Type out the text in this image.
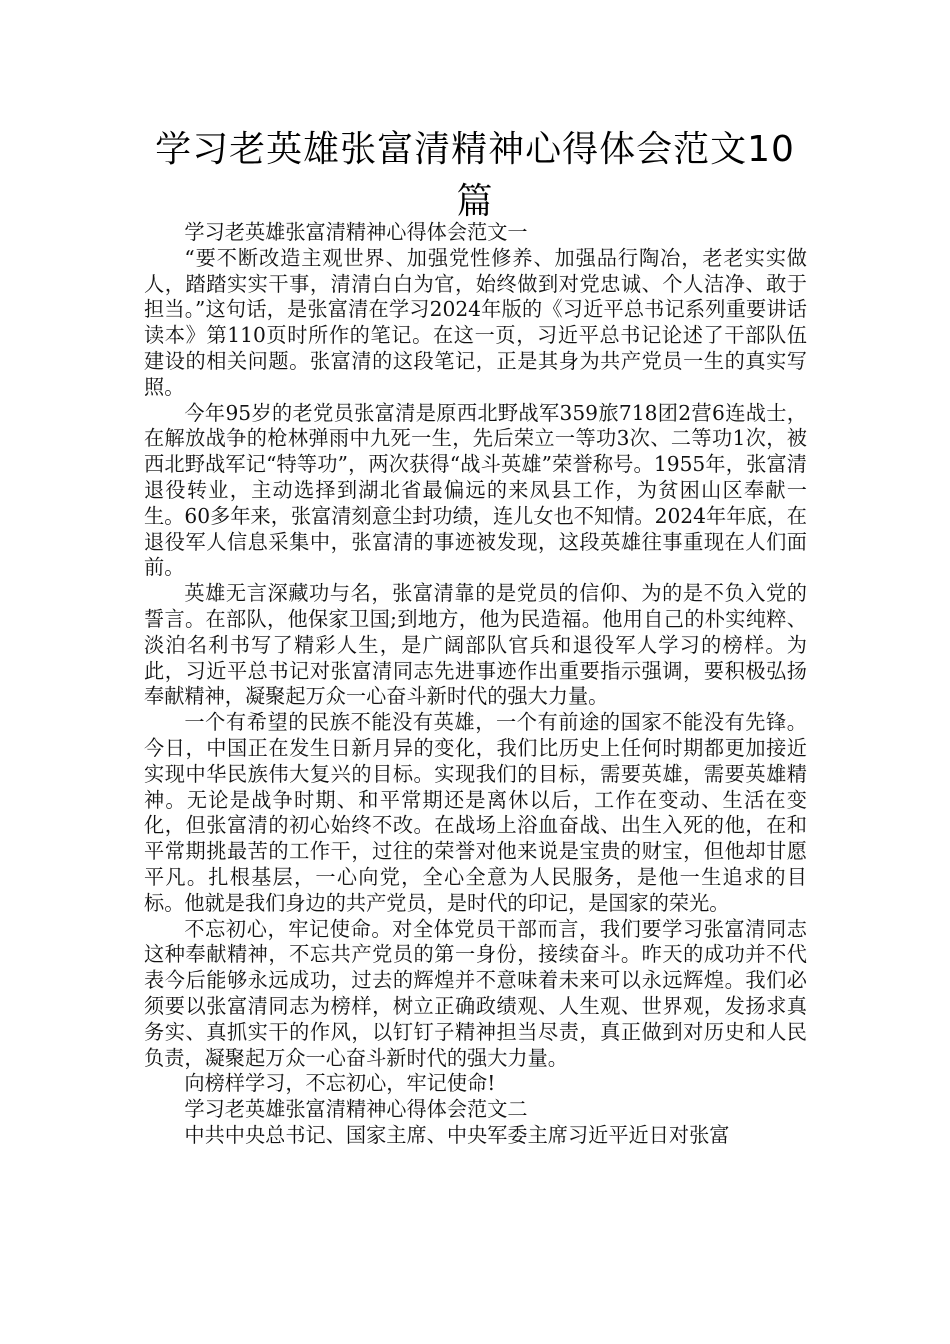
学习老英雄张富清精神心得体会范文10篇

学习老英雄张富清精神心得体会范文一

“要不断改造主观世界、加强党性修养、加强品行陶冶，老老实实做人，踏踏实实干事，清清白白为官，始终做到对党忠诚、个人洁净、敢于担当。”这句话，是张富清在学习2024年版的《习近平总书记系列重要讲话读本》第110页时所作的笔记。在这一页，习近平总书记论述了干部队伍建设的相关问题。张富清的这段笔记，正是其身为共产党员一生的真实写照。

今年95岁的老党员张富清是原西北野战军359旅718团2营6连战士，在解放战争的枪林弹雨中九死一生，先后荣立一等功3次、二等功1次，被西北野战军记“特等功”，两次获得“战斗英雄”荣誉称号。1955年，张富清退役转业，主动选择到湖北省最偏远的来凤县工作，为贫困山区奉献一生。60多年来，张富清刻意尘封功绩，连儿女也不知情。2024年年底，在退役军人信息采集中，张富清的事迹被发现，这段英雄往事重现在人们面前。

英雄无言深藏功与名，张富清靠的是党员的信仰、为的是不负入党的誓言。在部队，他保家卫国;到地方，他为民造福。他用自己的朴实纯粹、淡泊名利书写了精彩人生，是广阔部队官兵和退役军人学习的榜样。为此，习近平总书记对张富清同志先进事迹作出重要指示强调，要积极弘扬奉献精神，凝聚起万众一心奋斗新时代的强大力量。

一个有希望的民族不能没有英雄，一个有前途的国家不能没有先锋。今日，中国正在发生日新月异的变化，我们比历史上任何时期都更加接近实现中华民族伟大复兴的目标。实现我们的目标，需要英雄，需要英雄精神。无论是战争时期、和平常期还是离休以后，工作在变动、生活在变化，但张富清的初心始终不改。在战场上浴血奋战、出生入死的他，在和平常期挑最苦的工作干，过往的荣誉对他来说是宝贵的财宝，但他却甘愿平凡。扎根基层，一心向党，全心全意为人民服务，是他一生追求的目标。他就是我们身边的共产党员，是时代的印记，是国家的荣光。

不忘初心，牢记使命。对全体党员干部而言，我们要学习张富清同志这种奉献精神，不忘共产党员的第一身份，接续奋斗。昨天的成功并不代表今后能够永远成功，过去的辉煌并不意味着未来可以永远辉煌。我们必须要以张富清同志为榜样，树立正确政绩观、人生观、世界观，发扬求真务实、真抓实干的作风，以钉钉子精神担当尽责，真正做到对历史和人民负责，凝聚起万众一心奋斗新时代的强大力量。

向榜样学习，不忘初心，牢记使命!

学习老英雄张富清精神心得体会范文二

中共中央总书记、国家主席、中央军委主席习近平近日对张富
